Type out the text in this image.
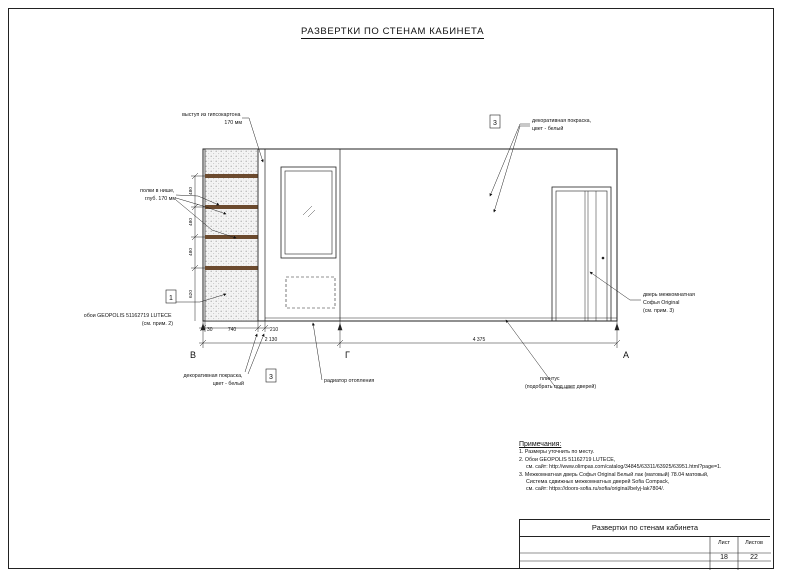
РАЗВЕРТКИ ПО СТЕНАМ КАБИНЕТА
480
480
480
620
30	740	210
2 130	4 375
В	Г	А
1
3
3
выступ из гипсокартона 170 мм
полки в нише, глуб. 170 мм
обои GEOPOLIS 51162719 LUTECE (см. прим. 2)
декоративная покраска, цвет - белый
декоративная покраска, цвет - белый	радиатор отопления	плинтус (подобрать под цвет дверей)
дверь межкомнатная Софья Original (см. прим. 3)
Примечания:
1. Размеры уточнить по месту.
2. Обои GEOPOLIS 51162719 LUTECE,
см. сайт: http://www.olimpas.com/catalog/34845/63311/63925/63951.html?page=1.
3. Межкомнатная дверь Софья Original Белый лак (матовый) 78.04 матовый,
Система сдвижных межкомнатных дверей Sofia Compack,
см. сайт: https://doors-sofia.ru/sofia/original/belyj-lak7804/.
Развертки по стенам кабинета
Лист	Листов
18	22
